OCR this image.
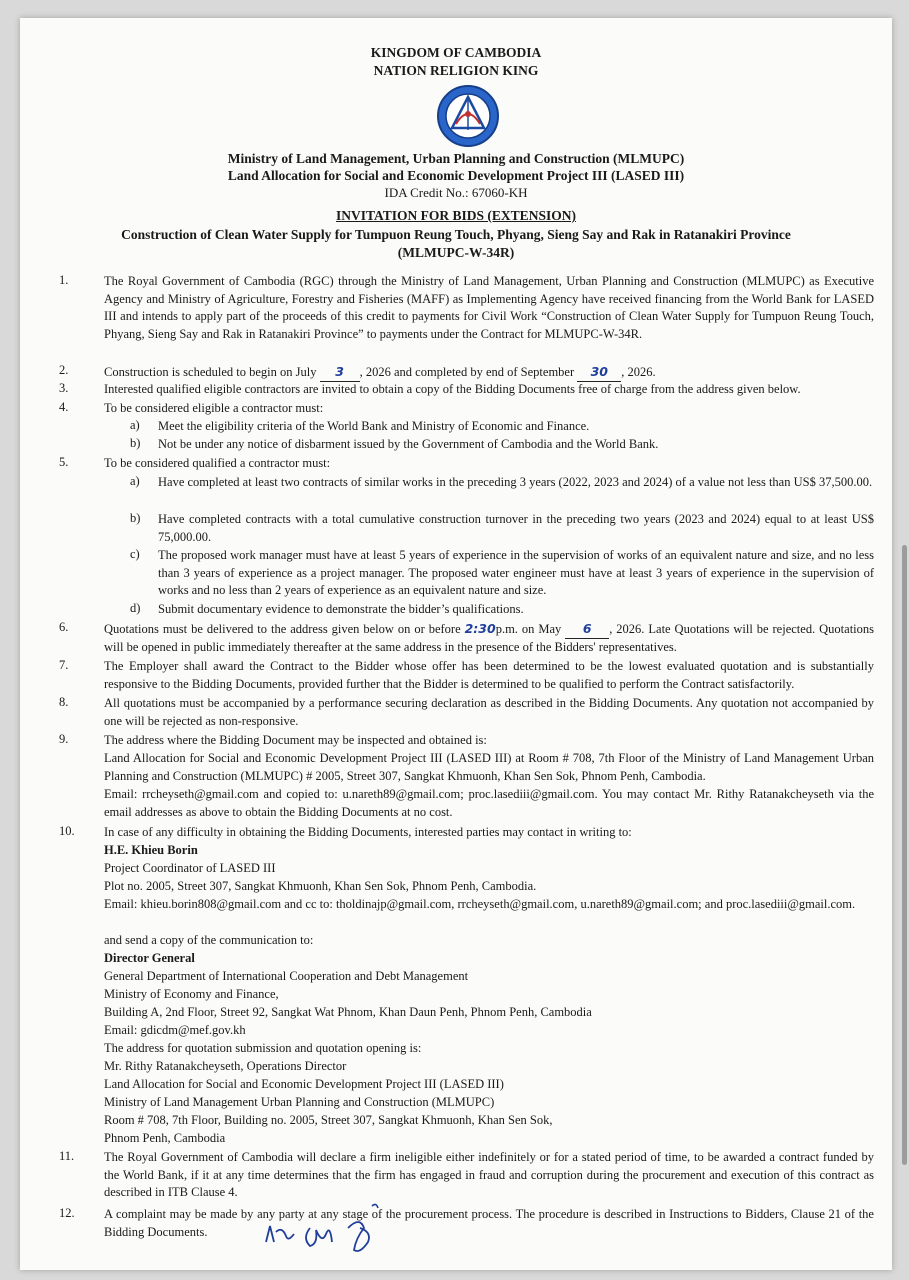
KINGDOM OF CAMBODIA
NATION RELIGION KING
Ministry of Land Management, Urban Planning and Construction (MLMUPC)
Land Allocation for Social and Economic Development Project III (LASED III)
IDA Credit No.: 67060-KH
INVITATION FOR BIDS (EXTENSION)
Construction of Clean Water Supply for Tumpuon Reung Touch, Phyang, Sieng Say and Rak in Ratanakiri Province
(MLMUPC-W-34R)
1.	The Royal Government of Cambodia (RGC) through the Ministry of Land Management, Urban Planning and Construction (MLMUPC) as Executive Agency and Ministry of Agriculture, Forestry and Fisheries (MAFF) as Implementing Agency have received financing from the World Bank for LASED III and intends to apply part of the proceeds of this credit to payments for Civil Work “Construction of Clean Water Supply for Tumpuon Reung Touch, Phyang, Sieng Say and Rak in Ratanakiri Province” to payments under the Contract for MLMUPC-W-34R.
2.	Construction is scheduled to begin on July 3 , 2026 and completed by end of September 30 , 2026.
3.	Interested qualified eligible contractors are invited to obtain a copy of the Bidding Documents free of charge from the address given below.
4.	To be considered eligible a contractor must:
a) Meet the eligibility criteria of the World Bank and Ministry of Economic and Finance.
b) Not be under any notice of disbarment issued by the Government of Cambodia and the World Bank.
5.	To be considered qualified a contractor must:
a) Have completed at least two contracts of similar works in the preceding 3 years (2022, 2023 and 2024) of a value not less than US$ 37,500.00.
b) Have completed contracts with a total cumulative construction turnover in the preceding two years (2023 and 2024) equal to at least US$ 75,000.00.
c) The proposed work manager must have at least 5 years of experience in the supervision of works of an equivalent nature and size, and no less than 3 years of experience as a project manager. The proposed water engineer must have at least 3 years of experience in the supervision of works and no less than 2 years of experience as an equivalent nature and size.
d) Submit documentary evidence to demonstrate the bidder’s qualifications.
6.	Quotations must be delivered to the address given below on or before 2:30p.m. on May 6 , 2026. Late Quotations will be rejected. Quotations will be opened in public immediately thereafter at the same address in the presence of the Bidders' representatives.
7.	The Employer shall award the Contract to the Bidder whose offer has been determined to be the lowest evaluated quotation and is substantially responsive to the Bidding Documents, provided further that the Bidder is determined to be qualified to perform the Contract satisfactorily.
8.	All quotations must be accompanied by a performance securing declaration as described in the Bidding Documents. Any quotation not accompanied by one will be rejected as non-responsive.
9.	The address where the Bidding Document may be inspected and obtained is:
Land Allocation for Social and Economic Development Project III (LASED III) at Room # 708, 7th Floor of the Ministry of Land Management Urban Planning and Construction (MLMUPC) # 2005, Street 307, Sangkat Khmuonh, Khan Sen Sok, Phnom Penh, Cambodia.
Email: rrcheyseth@gmail.com and copied to: u.nareth89@gmail.com; proc.lasediii@gmail.com. You may contact Mr. Rithy Ratanakcheyseth via the email addresses as above to obtain the Bidding Documents at no cost.
10. In case of any difficulty in obtaining the Bidding Documents, interested parties may contact in writing to:
H.E. Khieu Borin
Project Coordinator of LASED III
Plot no. 2005, Street 307, Sangkat Khmuonh, Khan Sen Sok, Phnom Penh, Cambodia.
Email: khieu.borin808@gmail.com and cc to: tholdinajp@gmail.com, rrcheyseth@gmail.com, u.nareth89@gmail.com; and proc.lasediii@gmail.com.
and send a copy of the communication to:
Director General
General Department of International Cooperation and Debt Management
Ministry of Economy and Finance,
Building A, 2nd Floor, Street 92, Sangkat Wat Phnom, Khan Daun Penh, Phnom Penh, Cambodia
Email: gdicdm@mef.gov.kh
The address for quotation submission and quotation opening is:
Mr. Rithy Ratanakcheyseth, Operations Director
Land Allocation for Social and Economic Development Project III (LASED III)
Ministry of Land Management Urban Planning and Construction (MLMUPC)
Room # 708, 7th Floor, Building no. 2005, Street 307, Sangkat Khmuonh, Khan Sen Sok,
Phnom Penh, Cambodia
11. The Royal Government of Cambodia will declare a firm ineligible either indefinitely or for a stated period of time, to be awarded a contract funded by the World Bank, if it at any time determines that the firm has engaged in fraud and corruption during the procurement and execution of this contract as described in ITB Clause 4.
12. A complaint may be made by any party at any stage of the procurement process. The procedure is described in Instructions to Bidders, Clause 21 of the Bidding Documents.
